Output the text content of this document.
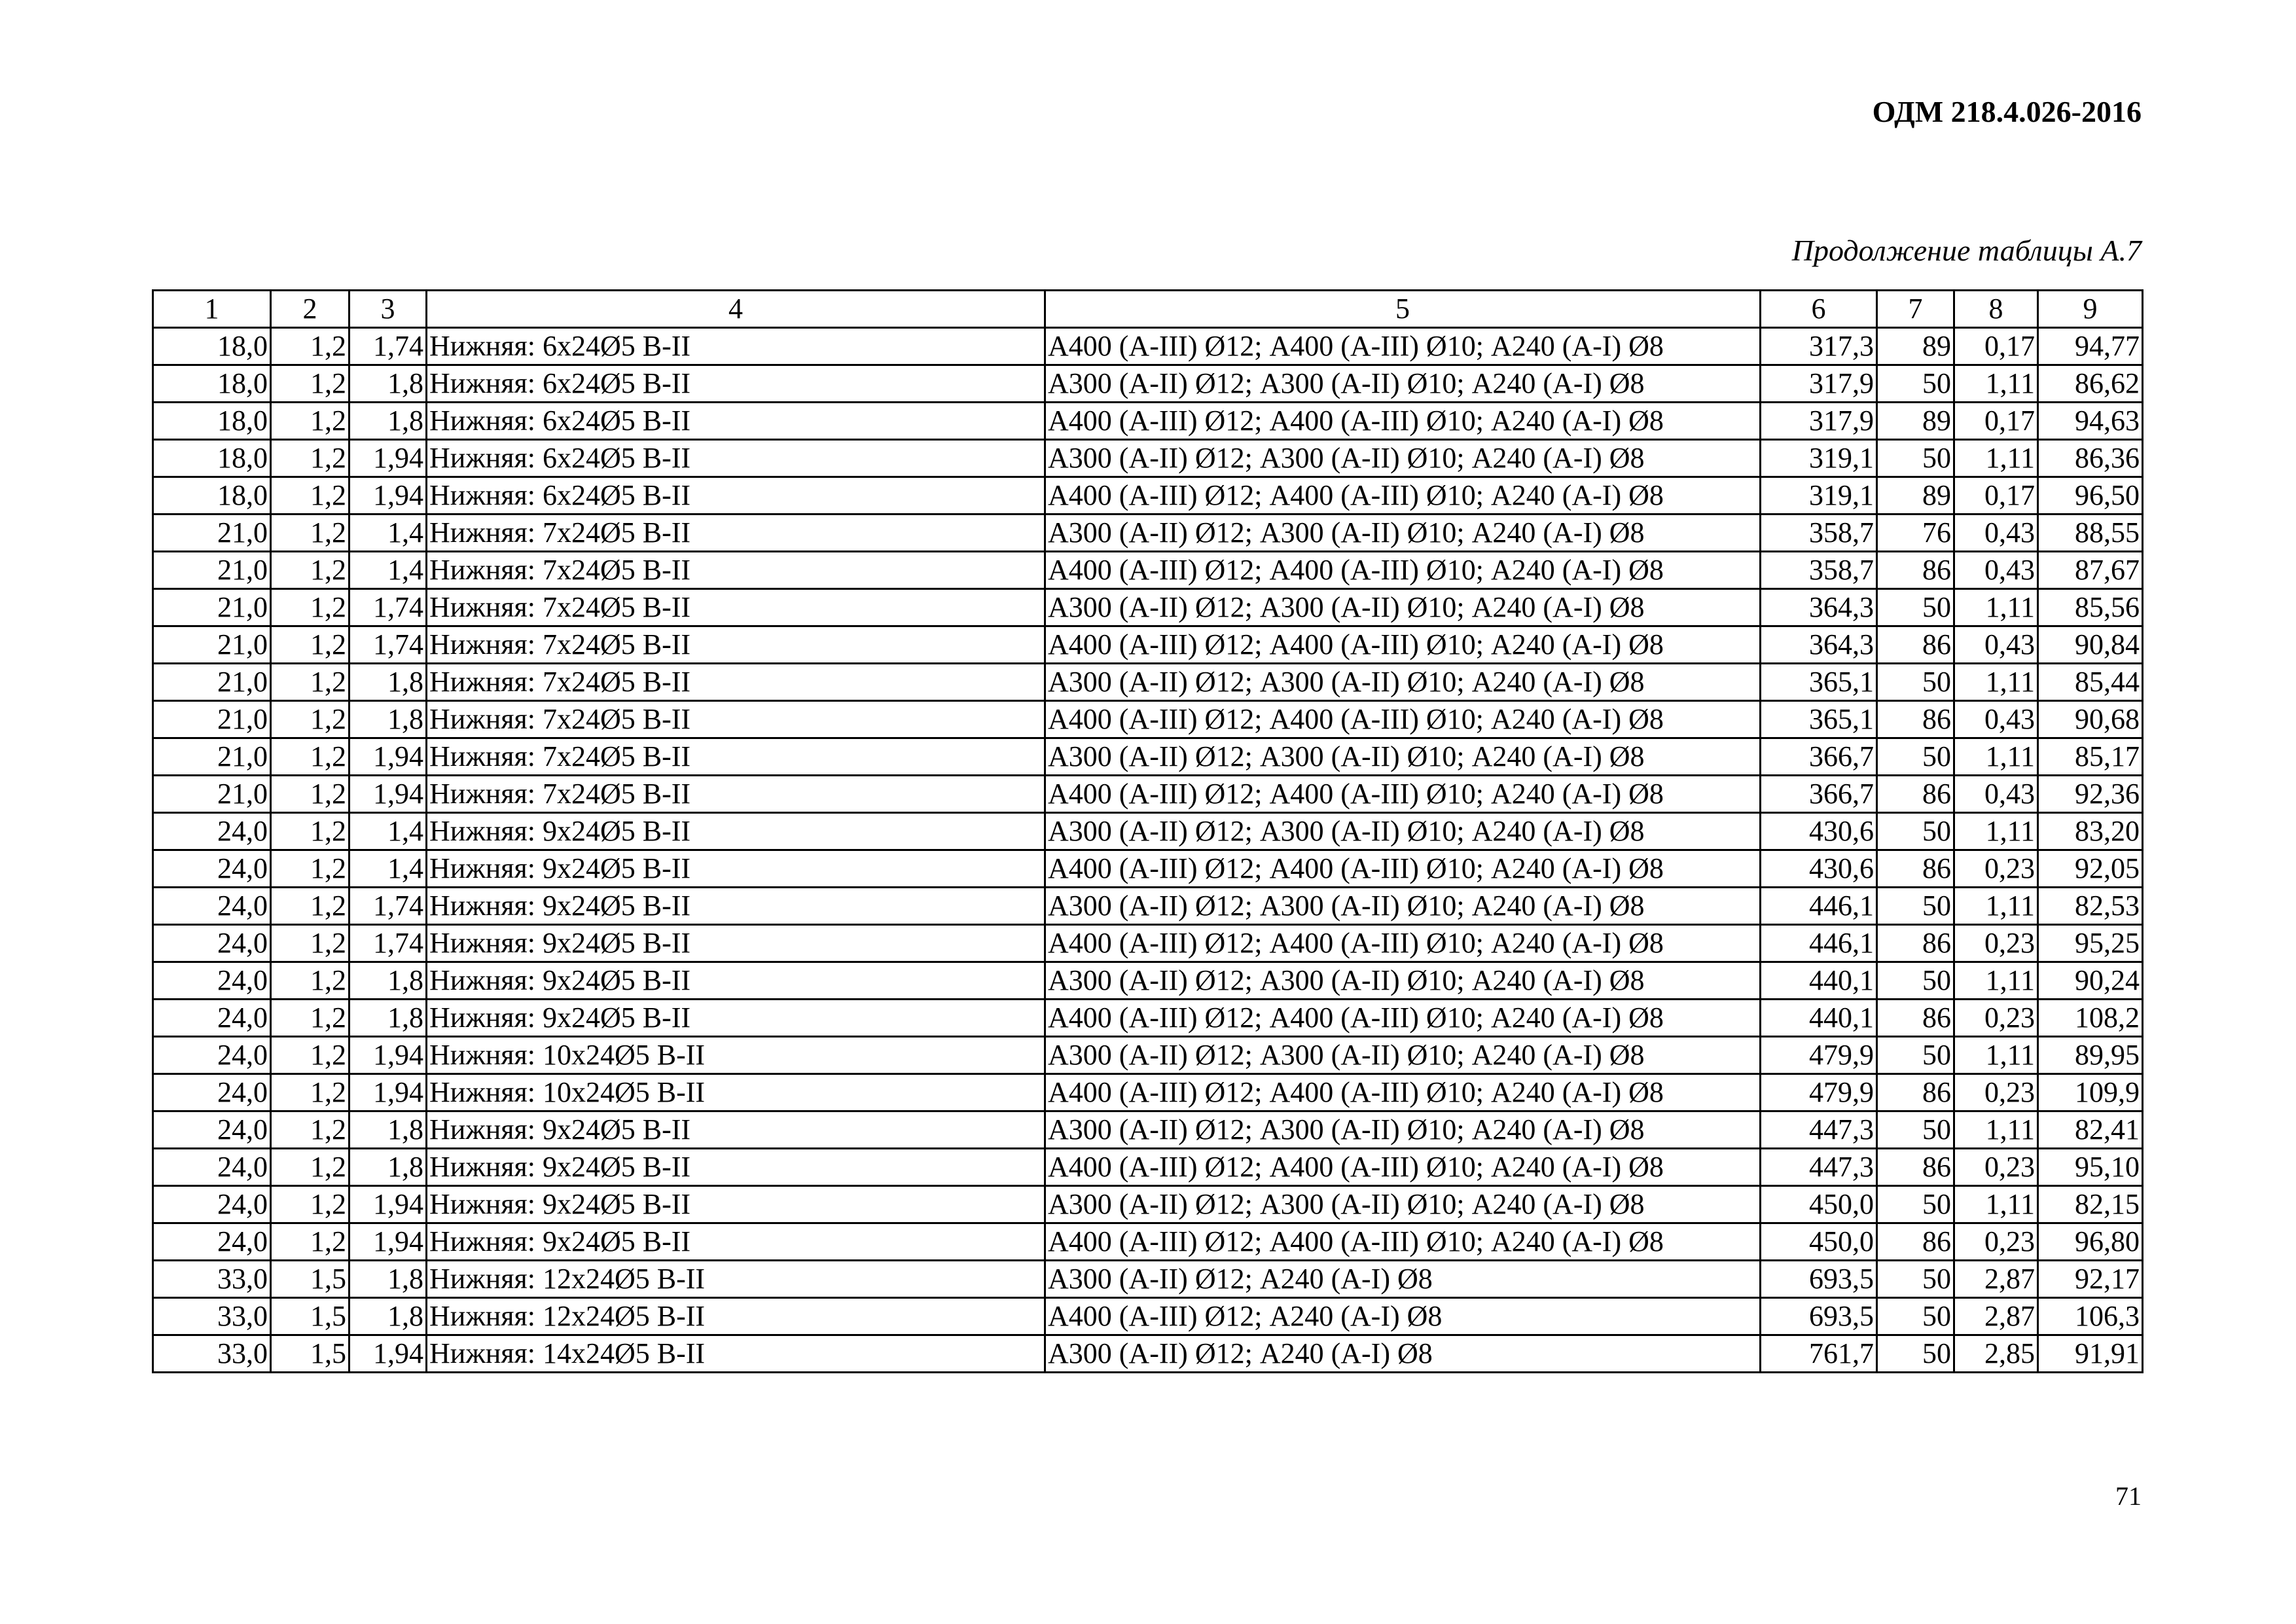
ОДМ 218.4.026-2016
Продолжение таблицы А.7
1	2	3	4	5	6	7	8	9
18,0	1,2	1,74	Нижняя: 6х24Ø5 В-II	А400 (А-III) Ø12; А400 (А-III) Ø10; А240 (А-I) Ø8	317,3	89	0,17	94,77
18,0	1,2	1,8	Нижняя: 6х24Ø5 В-II	А300 (А-II) Ø12; А300 (А-II) Ø10; А240 (А-I) Ø8	317,9	50	1,11	86,62
18,0	1,2	1,8	Нижняя: 6х24Ø5 В-II	А400 (А-III) Ø12; А400 (А-III) Ø10; А240 (А-I) Ø8	317,9	89	0,17	94,63
18,0	1,2	1,94	Нижняя: 6х24Ø5 В-II	А300 (А-II) Ø12; А300 (А-II) Ø10; А240 (А-I) Ø8	319,1	50	1,11	86,36
18,0	1,2	1,94	Нижняя: 6х24Ø5 В-II	А400 (А-III) Ø12; А400 (А-III) Ø10; А240 (А-I) Ø8	319,1	89	0,17	96,50
21,0	1,2	1,4	Нижняя: 7х24Ø5 В-II	А300 (А-II) Ø12; А300 (А-II) Ø10; А240 (А-I) Ø8	358,7	76	0,43	88,55
21,0	1,2	1,4	Нижняя: 7х24Ø5 В-II	А400 (А-III) Ø12; А400 (А-III) Ø10; А240 (А-I) Ø8	358,7	86	0,43	87,67
21,0	1,2	1,74	Нижняя: 7х24Ø5 В-II	А300 (А-II) Ø12; А300 (А-II) Ø10; А240 (А-I) Ø8	364,3	50	1,11	85,56
21,0	1,2	1,74	Нижняя: 7х24Ø5 В-II	А400 (А-III) Ø12; А400 (А-III) Ø10; А240 (А-I) Ø8	364,3	86	0,43	90,84
21,0	1,2	1,8	Нижняя: 7х24Ø5 В-II	А300 (А-II) Ø12; А300 (А-II) Ø10; А240 (А-I) Ø8	365,1	50	1,11	85,44
21,0	1,2	1,8	Нижняя: 7х24Ø5 В-II	А400 (А-III) Ø12; А400 (А-III) Ø10; А240 (А-I) Ø8	365,1	86	0,43	90,68
21,0	1,2	1,94	Нижняя: 7х24Ø5 В-II	А300 (А-II) Ø12; А300 (А-II) Ø10; А240 (А-I) Ø8	366,7	50	1,11	85,17
21,0	1,2	1,94	Нижняя: 7х24Ø5 В-II	А400 (А-III) Ø12; А400 (А-III) Ø10; А240 (А-I) Ø8	366,7	86	0,43	92,36
24,0	1,2	1,4	Нижняя: 9х24Ø5 В-II	А300 (А-II) Ø12; А300 (А-II) Ø10; А240 (А-I) Ø8	430,6	50	1,11	83,20
24,0	1,2	1,4	Нижняя: 9х24Ø5 В-II	А400 (А-III) Ø12; А400 (А-III) Ø10; А240 (А-I) Ø8	430,6	86	0,23	92,05
24,0	1,2	1,74	Нижняя: 9х24Ø5 В-II	А300 (А-II) Ø12; А300 (А-II) Ø10; А240 (А-I) Ø8	446,1	50	1,11	82,53
24,0	1,2	1,74	Нижняя: 9х24Ø5 В-II	А400 (А-III) Ø12; А400 (А-III) Ø10; А240 (А-I) Ø8	446,1	86	0,23	95,25
24,0	1,2	1,8	Нижняя: 9х24Ø5 В-II	А300 (А-II) Ø12; А300 (А-II) Ø10; А240 (А-I) Ø8	440,1	50	1,11	90,24
24,0	1,2	1,8	Нижняя: 9х24Ø5 В-II	А400 (А-III) Ø12; А400 (А-III) Ø10; А240 (А-I) Ø8	440,1	86	0,23	108,2
24,0	1,2	1,94	Нижняя: 10х24Ø5 В-II	А300 (А-II) Ø12; А300 (А-II) Ø10; А240 (А-I) Ø8	479,9	50	1,11	89,95
24,0	1,2	1,94	Нижняя: 10х24Ø5 В-II	А400 (А-III) Ø12; А400 (А-III) Ø10; А240 (А-I) Ø8	479,9	86	0,23	109,9
24,0	1,2	1,8	Нижняя: 9х24Ø5 В-II	А300 (А-II) Ø12; А300 (А-II) Ø10; А240 (А-I) Ø8	447,3	50	1,11	82,41
24,0	1,2	1,8	Нижняя: 9х24Ø5 В-II	А400 (А-III) Ø12; А400 (А-III) Ø10; А240 (А-I) Ø8	447,3	86	0,23	95,10
24,0	1,2	1,94	Нижняя: 9х24Ø5 В-II	А300 (А-II) Ø12; А300 (А-II) Ø10; А240 (А-I) Ø8	450,0	50	1,11	82,15
24,0	1,2	1,94	Нижняя: 9х24Ø5 В-II	А400 (А-III) Ø12; А400 (А-III) Ø10; А240 (А-I) Ø8	450,0	86	0,23	96,80
33,0	1,5	1,8	Нижняя: 12х24Ø5 В-II	А300 (А-II) Ø12; А240 (А-I) Ø8	693,5	50	2,87	92,17
33,0	1,5	1,8	Нижняя: 12х24Ø5 В-II	А400 (А-III) Ø12; А240 (А-I) Ø8	693,5	50	2,87	106,3
33,0	1,5	1,94	Нижняя: 14х24Ø5 В-II	А300 (А-II) Ø12; А240 (А-I) Ø8	761,7	50	2,85	91,91
71
